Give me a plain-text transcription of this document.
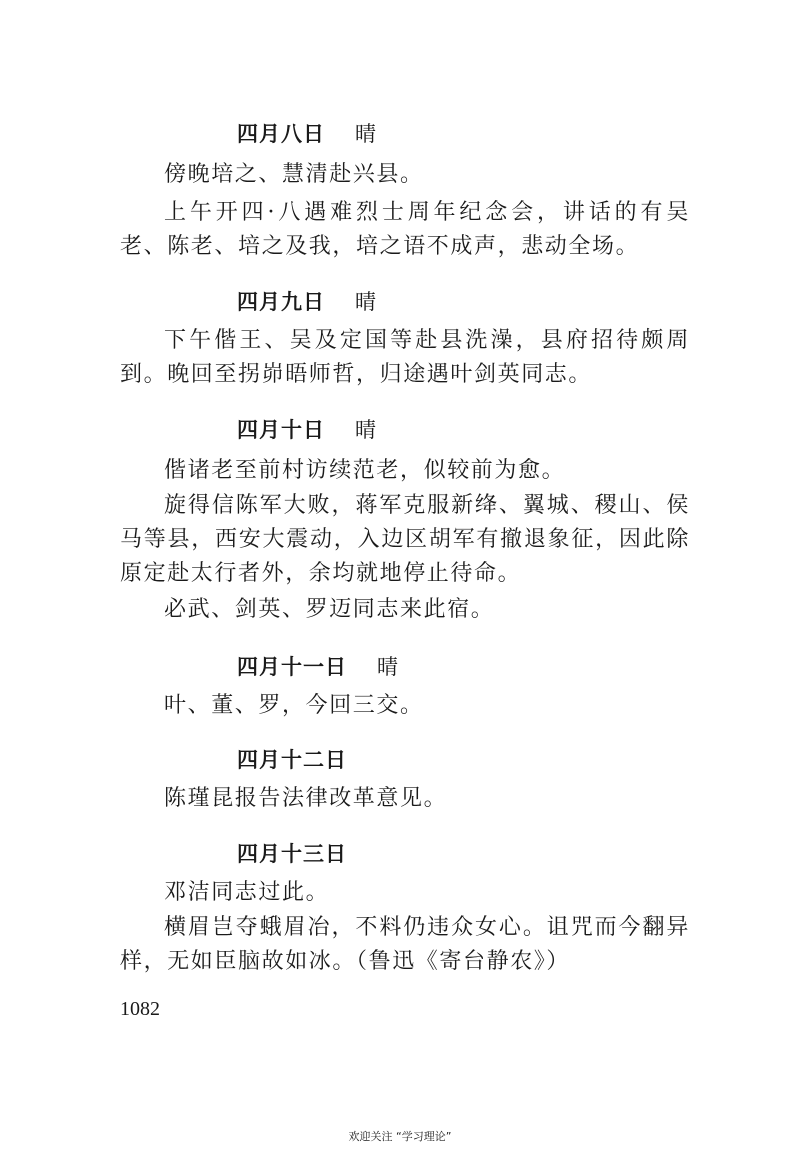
四月八日 晴

傍晚培之、慧清赴兴县。

上午开四·八遇难烈士周年纪念会，讲话的有吴老、陈老、培之及我，培之语不成声，悲动全场。

四月九日 晴

下午偕王、吴及定国等赴县洗澡，县府招待颇周到。晚回至拐峁晤师哲，归途遇叶剑英同志。

四月十日 晴

偕诸老至前村访续范老，似较前为愈。

旋得信陈军大败，蒋军克服新绛、翼城、稷山、侯马等县，西安大震动，入边区胡军有撤退象征，因此除原定赴太行者外，余均就地停止待命。

必武、剑英、罗迈同志来此宿。

四月十一日 晴

叶、董、罗，今回三交。

四月十二日

陈瑾昆报告法律改革意见。

四月十三日

邓洁同志过此。

横眉岂夺蛾眉冶，不料仍违众女心。诅咒而今翻异样，无如臣脑故如冰。（鲁迅《寄台静农》）

1082
欢迎关注 “学习理论”
